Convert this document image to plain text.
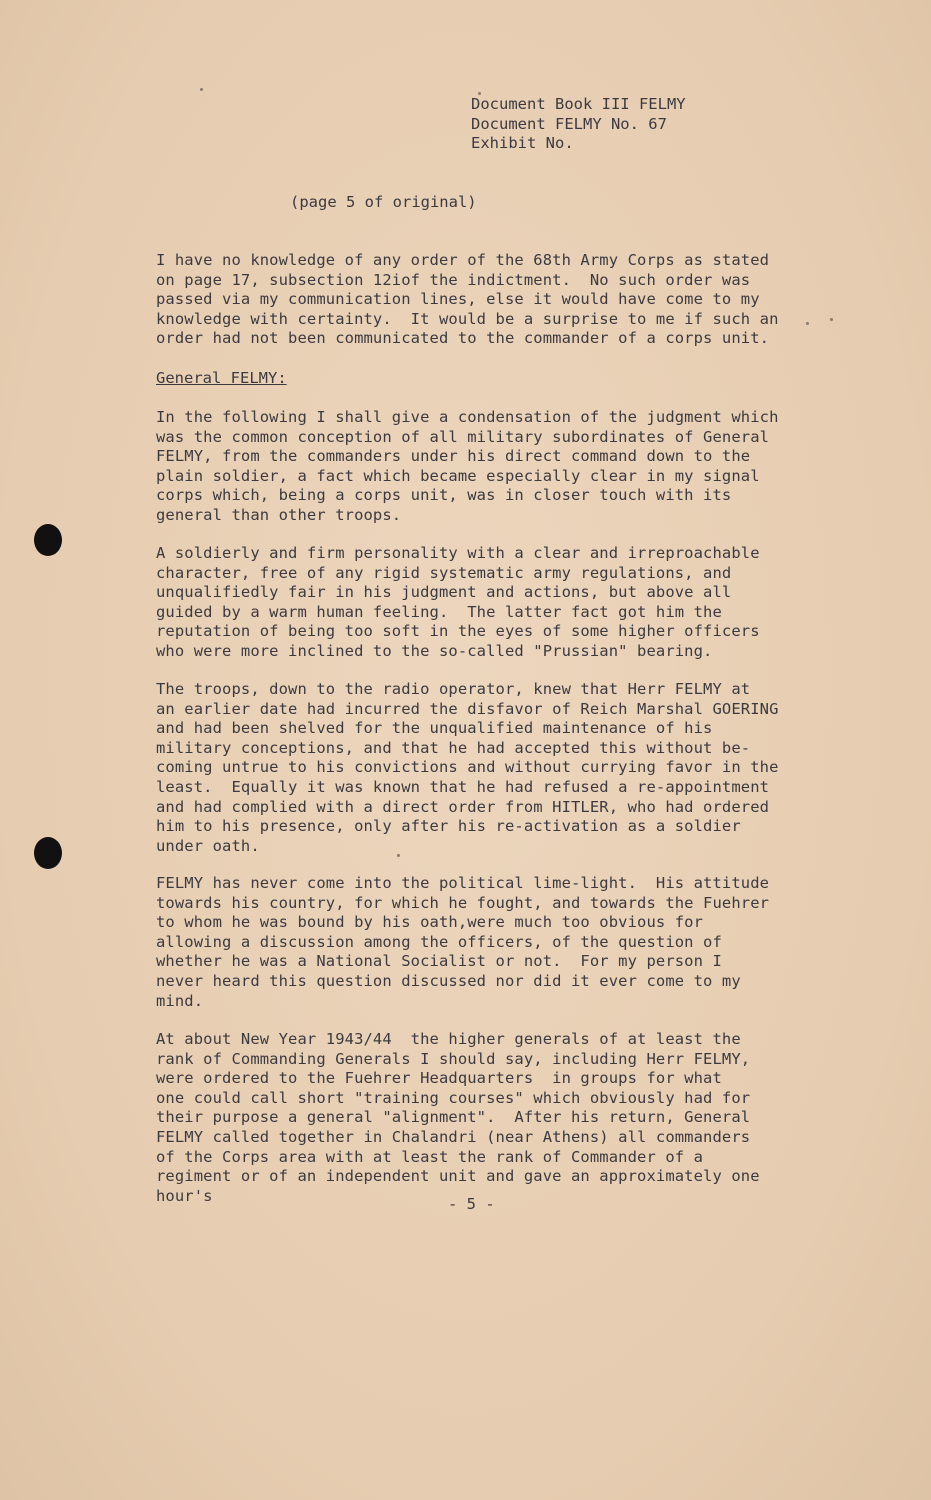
Document Book III FELMY
Document FELMY No. 67
Exhibit No.
(page 5 of original)
I have no knowledge of any order of the 68th Army Corps as stated
on page 17, subsection 12iof the indictment.  No such order was
passed via my communication lines, else it would have come to my
knowledge with certainty.  It would be a surprise to me if such an
order had not been communicated to the commander of a corps unit.
General FELMY:
In the following I shall give a condensation of the judgment which
was the common conception of all military subordinates of General
FELMY, from the commanders under his direct command down to the
plain soldier, a fact which became especially clear in my signal
corps which, being a corps unit, was in closer touch with its
general than other troops.
A soldierly and firm personality with a clear and irreproachable
character, free of any rigid systematic army regulations, and
unqualifiedly fair in his judgment and actions, but above all
guided by a warm human feeling.  The latter fact got him the
reputation of being too soft in the eyes of some higher officers
who were more inclined to the so-called "Prussian" bearing.
The troops, down to the radio operator, knew that Herr FELMY at
an earlier date had incurred the disfavor of Reich Marshal GOERING
and had been shelved for the unqualified maintenance of his
military conceptions, and that he had accepted this without be-
coming untrue to his convictions and without currying favor in the
least.  Equally it was known that he had refused a re-appointment
and had complied with a direct order from HITLER, who had ordered
him to his presence, only after his re-activation as a soldier
under oath.
FELMY has never come into the political lime-light.  His attitude
towards his country, for which he fought, and towards the Fuehrer
to whom he was bound by his oath,were much too obvious for
allowing a discussion among the officers, of the question of
whether he was a National Socialist or not.  For my person I
never heard this question discussed nor did it ever come to my
mind.
At about New Year 1943/44  the higher generals of at least the
rank of Commanding Generals I should say, including Herr FELMY,
were ordered to the Fuehrer Headquarters  in groups for what
one could call short "training courses" which obviously had for
their purpose a general "alignment".  After his return, General
FELMY called together in Chalandri (near Athens) all commanders
of the Corps area with at least the rank of Commander of a
regiment or of an independent unit and gave an approximately one
hour's	- 5 -
